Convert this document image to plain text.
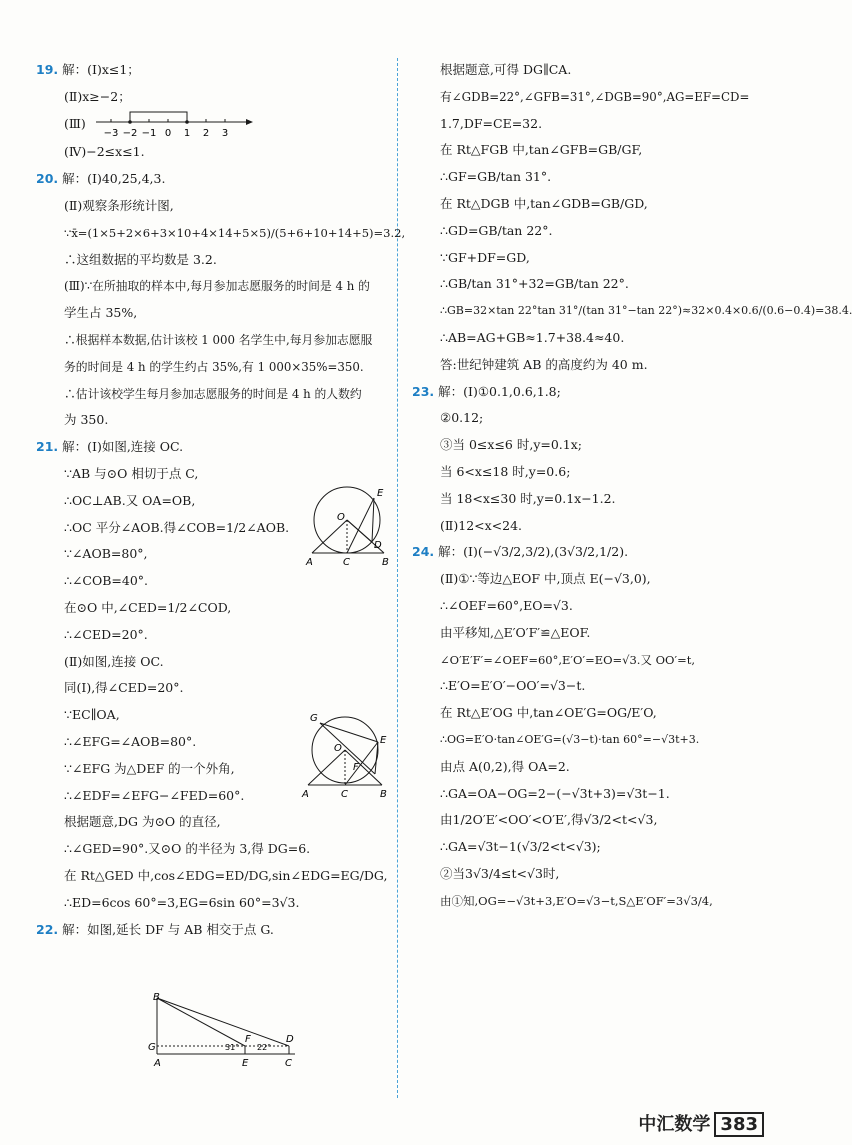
19. 解：(Ⅰ)x≤1；
(Ⅱ)x≥−2；
(Ⅲ)
−3 −2 −1 0 1 2 3
(Ⅳ)−2≤x≤1.
20. 解：(Ⅰ)40,25,4,3.
(Ⅱ)观察条形统计图,
∵x̄=(1×5+2×6+3×10+4×14+5×5)/(5+6+10+14+5)=3.2,
∴这组数据的平均数是 3.2.
(Ⅲ)∵在所抽取的样本中,每月参加志愿服务的时间是 4 h 的
学生占 35%,
∴根据样本数据,估计该校 1 000 名学生中,每月参加志愿服
务的时间是 4 h 的学生约占 35%,有 1 000×35%=350.
∴估计该校学生每月参加志愿服务的时间是 4 h 的人数约
为 350.
21. 解：(Ⅰ)如图,连接 OC.
∵AB 与⊙O 相切于点 C,
∴OC⊥AB.又 OA=OB,
∴OC 平分∠AOB.得∠COB=1/2∠AOB.
∵∠AOB=80°,
∴∠COB=40°.
在⊙O 中,∠CED=1/2∠COD,
∴∠CED=20°.
(Ⅱ)如图,连接 OC.
同(Ⅰ),得∠CED=20°.
∵EC∥OA,
∴∠EFG=∠AOB=80°.
∵∠EFG 为△DEF 的一个外角,
∴∠EDF=∠EFG−∠FED=60°.
根据题意,DG 为⊙O 的直径,
∴∠GED=90°.又⊙O 的半径为 3,得 DG=6.
在 Rt△GED 中,cos∠EDG=ED/DG,sin∠EDG=EG/DG,
∴ED=6cos 60°=3,EG=6sin 60°=3√3.
22. 解：如图,延长 DF 与 AB 相交于点 G.
E
O
D
A	C	B
G
E
O
F
A	C	B
B
G	31°
F
22°
D
A	E	C
根据题意,可得 DG∥CA.
有∠GDB=22°,∠GFB=31°,∠DGB=90°,AG=EF=CD=
1.7,DF=CE=32.
在 Rt△FGB 中,tan∠GFB=GB/GF,
∴GF=GB/tan 31°.
在 Rt△DGB 中,tan∠GDB=GB/GD,
∴GD=GB/tan 22°.
∵GF+DF=GD,
∴GB/tan 31°+32=GB/tan 22°.
∴GB=32×tan 22°tan 31°/(tan 31°−tan 22°)≈32×0.4×0.6/(0.6−0.4)=38.4.
∴AB=AG+GB≈1.7+38.4≈40.
答:世纪钟建筑 AB 的高度约为 40 m.
23. 解：(Ⅰ)①0.1,0.6,1.8;
②0.12;
③当 0≤x≤6 时,y=0.1x;
当 6<x≤18 时,y=0.6;
当 18<x≤30 时,y=0.1x−1.2.
(Ⅱ)12<x<24.
24. 解：(Ⅰ)(−√3/2,3/2),(3√3/2,1/2).
(Ⅱ)①∵等边△EOF 中,顶点 E(−√3,0),
∴∠OEF=60°,EO=√3.
由平移知,△E′O′F′≌△EOF.
∠O′E′F′=∠OEF=60°,E′O′=EO=√3.又 OO′=t,
∴E′O=E′O′−OO′=√3−t.
在 Rt△E′OG 中,tan∠OE′G=OG/E′O,
∴OG=E′O·tan∠OE′G=(√3−t)·tan 60°=−√3t+3.
由点 A(0,2),得 OA=2.
∴GA=OA−OG=2−(−√3t+3)=√3t−1.
由1/2O′E′<OO′<O′E′,得√3/2<t<√3,
∴GA=√3t−1(√3/2<t<√3);
②当3√3/4≤t<√3时,
由①知,OG=−√3t+3,E′O=√3−t,S△E′OF′=3√3/4,
中汇数学 383
